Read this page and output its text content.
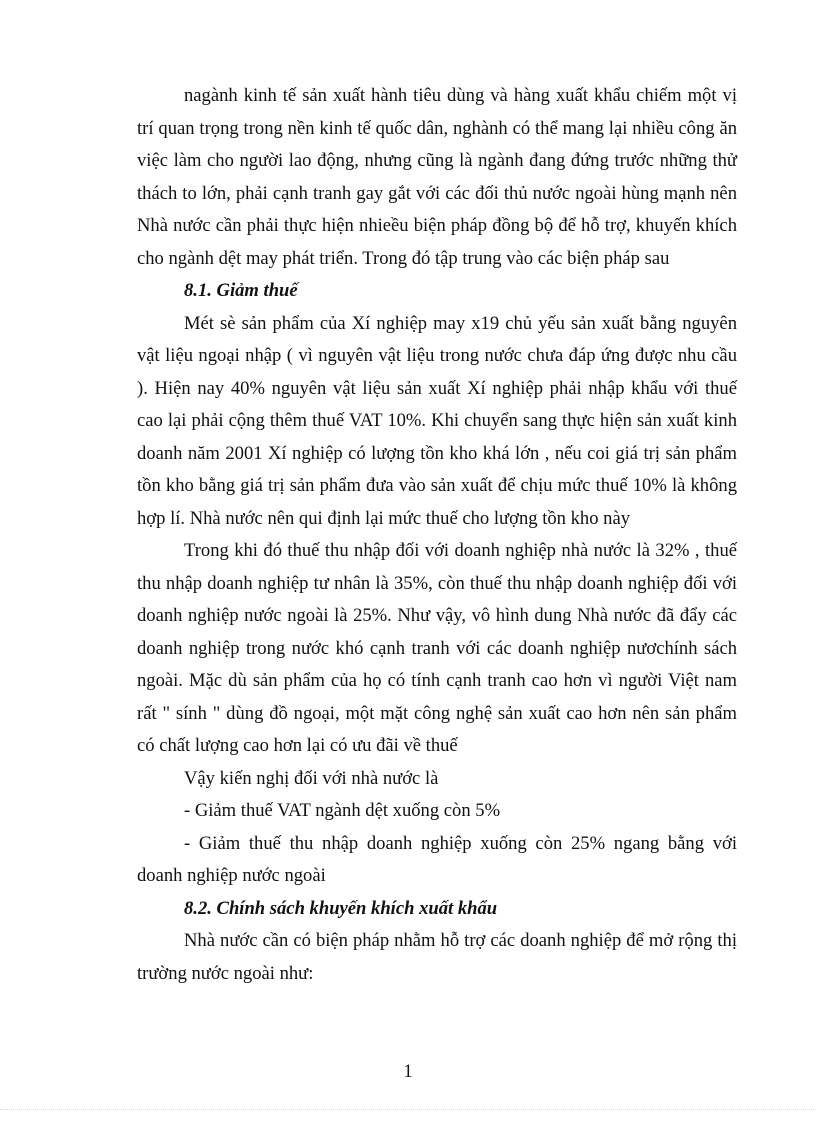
nagành kinh tế sản xuất hành tiêu dùng và hàng xuất khẩu chiếm một vị trí quan trọng trong nền kinh tế quốc dân, nghành có thể mang lại nhiều công ăn việc làm cho người lao động, nhưng cũng là ngành đang đứng trước những thử thách to lớn, phải cạnh tranh gay gắt với các đối thủ nước ngoài hùng mạnh nên Nhà nước cần phải thực hiện nhieều biện pháp đồng bộ để hỗ trợ, khuyến khích cho ngành dệt may phát triển. Trong đó tập trung vào các biện pháp sau

8.1. Giảm thuế

Mét sè sản phẩm của Xí nghiệp may x19 chủ yếu sản xuất bằng nguyên vật liệu ngoại nhập ( vì nguyên vật liệu trong nước chưa đáp ứng được nhu cầu ). Hiện nay 40% nguyên vật liệu sản xuất Xí nghiệp phải nhập khẩu với thuế cao lại phải cộng thêm thuế VAT 10%. Khi chuyển sang thực hiện sản xuất kinh doanh năm 2001 Xí nghiệp có lượng tồn kho khá lớn , nếu coi giá trị sản phẩm tồn kho bằng giá trị sản phẩm đưa vào sản xuất để chịu mức thuế 10% là không hợp lí. Nhà nước nên qui định lại mức thuế cho lượng tồn kho này

Trong khi đó thuế thu nhập đối với doanh nghiệp nhà nước là 32% , thuế thu nhập doanh nghiệp tư nhân là 35%, còn thuế thu nhập doanh nghiệp đối với doanh nghiệp nước ngoài là 25%. Như vậy, vô hình dung Nhà nước đã đẩy các doanh nghiệp trong nước khó cạnh tranh với các doanh nghiệp nươchính sách ngoài. Mặc dù sản phẩm của họ có tính cạnh tranh cao hơn vì người Việt nam rất " sính " dùng đồ ngoại, một mặt công nghệ sản xuất cao hơn nên sản phẩm có chất lượng cao hơn lại có ưu đãi về thuế

Vậy kiến nghị đối với nhà nước là

- Giảm thuế VAT ngành dệt xuống còn 5%

- Giảm thuế thu nhập doanh nghiệp xuống còn 25% ngang bằng với doanh nghiệp nước ngoài

8.2. Chính sách khuyến khích xuất khẩu

Nhà nước cần có biện pháp nhằm hỗ trợ các doanh nghiệp để mở rộng thị trường nước ngoài như:

1
